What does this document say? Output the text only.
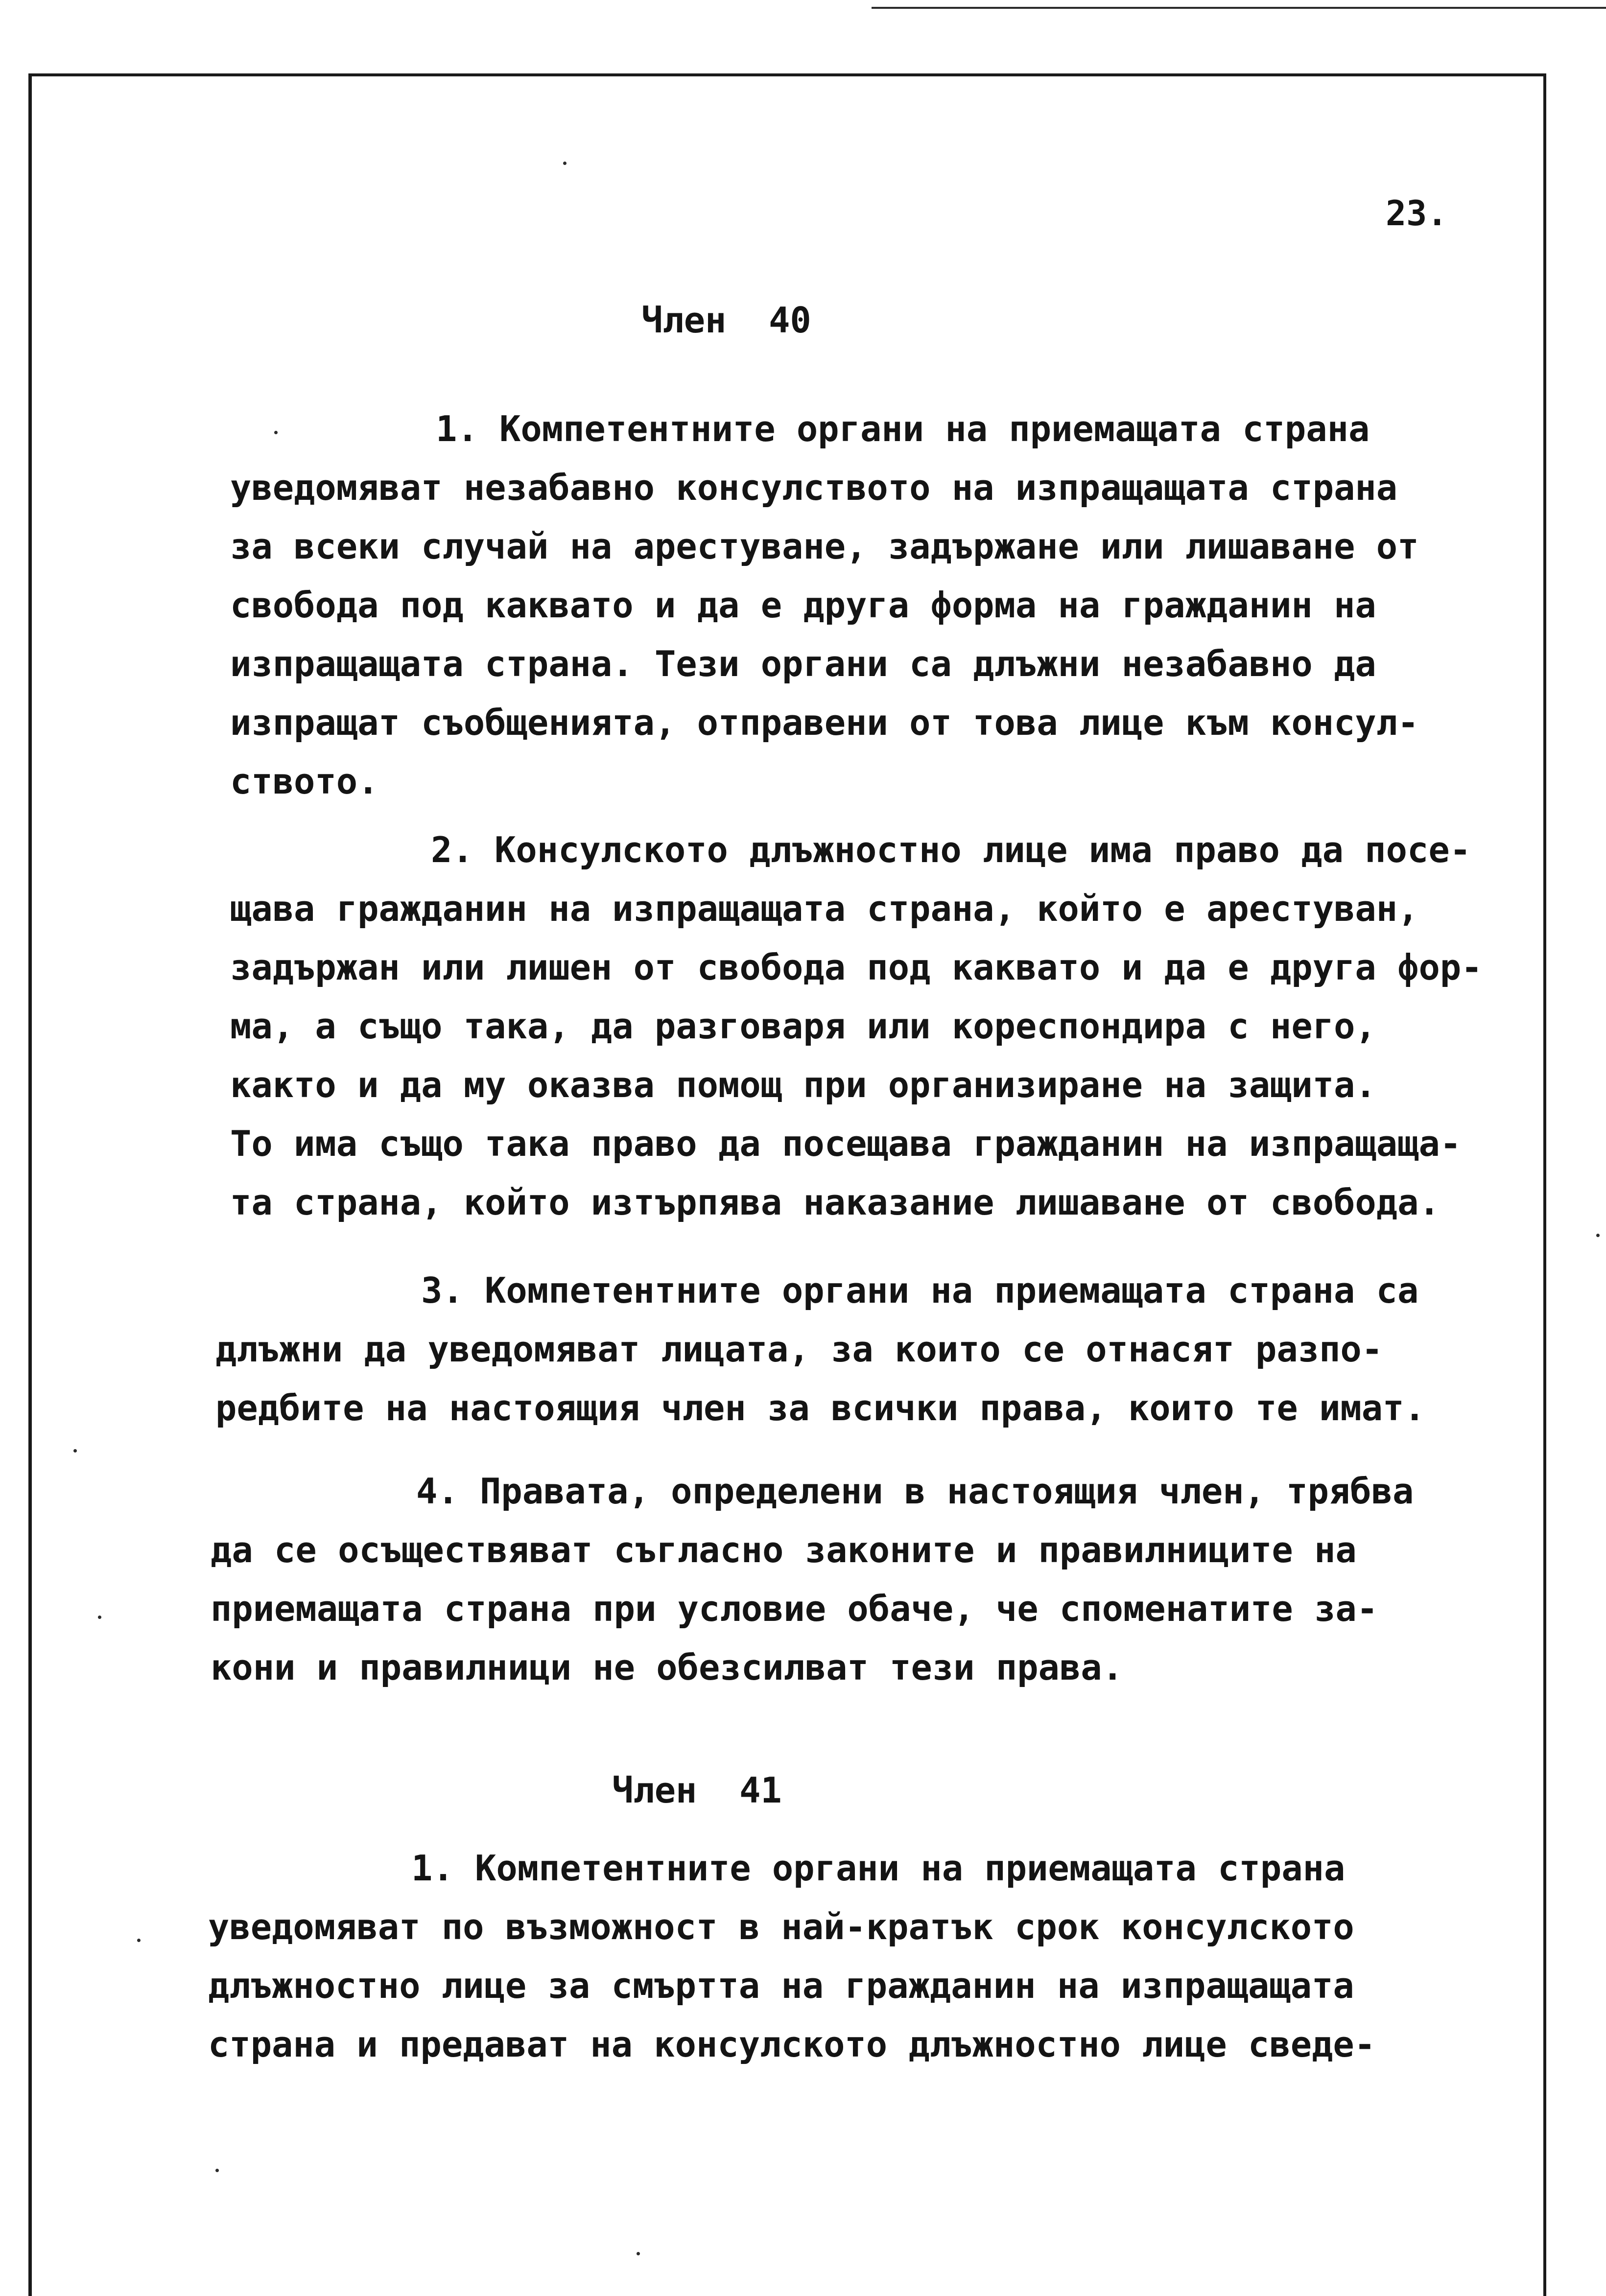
23.
Член  40
1. Компетентните органи на приемащата страна
уведомяват незабавно консулството на изпращащата страна
за всеки случай на арестуване, задържане или лишаване от
свобода под каквато и да е друга форма на гражданин на
изпращащата страна. Тези органи са длъжни незабавно да
изпращат съобщенията, отправени от това лице към консул-
ството.
2. Консулското длъжностно лице има право да посе-
щава гражданин на изпращащата страна, който е арестуван,
задържан или лишен от свобода под каквато и да е друга фор-
ма, а също така, да разговаря или кореспондира с него,
както и да му оказва помощ при организиране на защита.
То има също така право да посещава гражданин на изпращаща-
та страна, който изтърпява наказание лишаване от свобода.
3. Компетентните органи на приемащата страна са
длъжни да уведомяват лицата, за които се отнасят разпо-
редбите на настоящия член за всички права, които те имат.
4. Правата, определени в настоящия член, трябва
да се осъществяват съгласно законите и правилниците на
приемащата страна при условие обаче, че споменатите за-
кони и правилници не обезсилват тези права.
Член  41
1. Компетентните органи на приемащата страна
уведомяват по възможност в най-кратък срок консулското
длъжностно лице за смъртта на гражданин на изпращащата
страна и предават на консулското длъжностно лице сведе-
